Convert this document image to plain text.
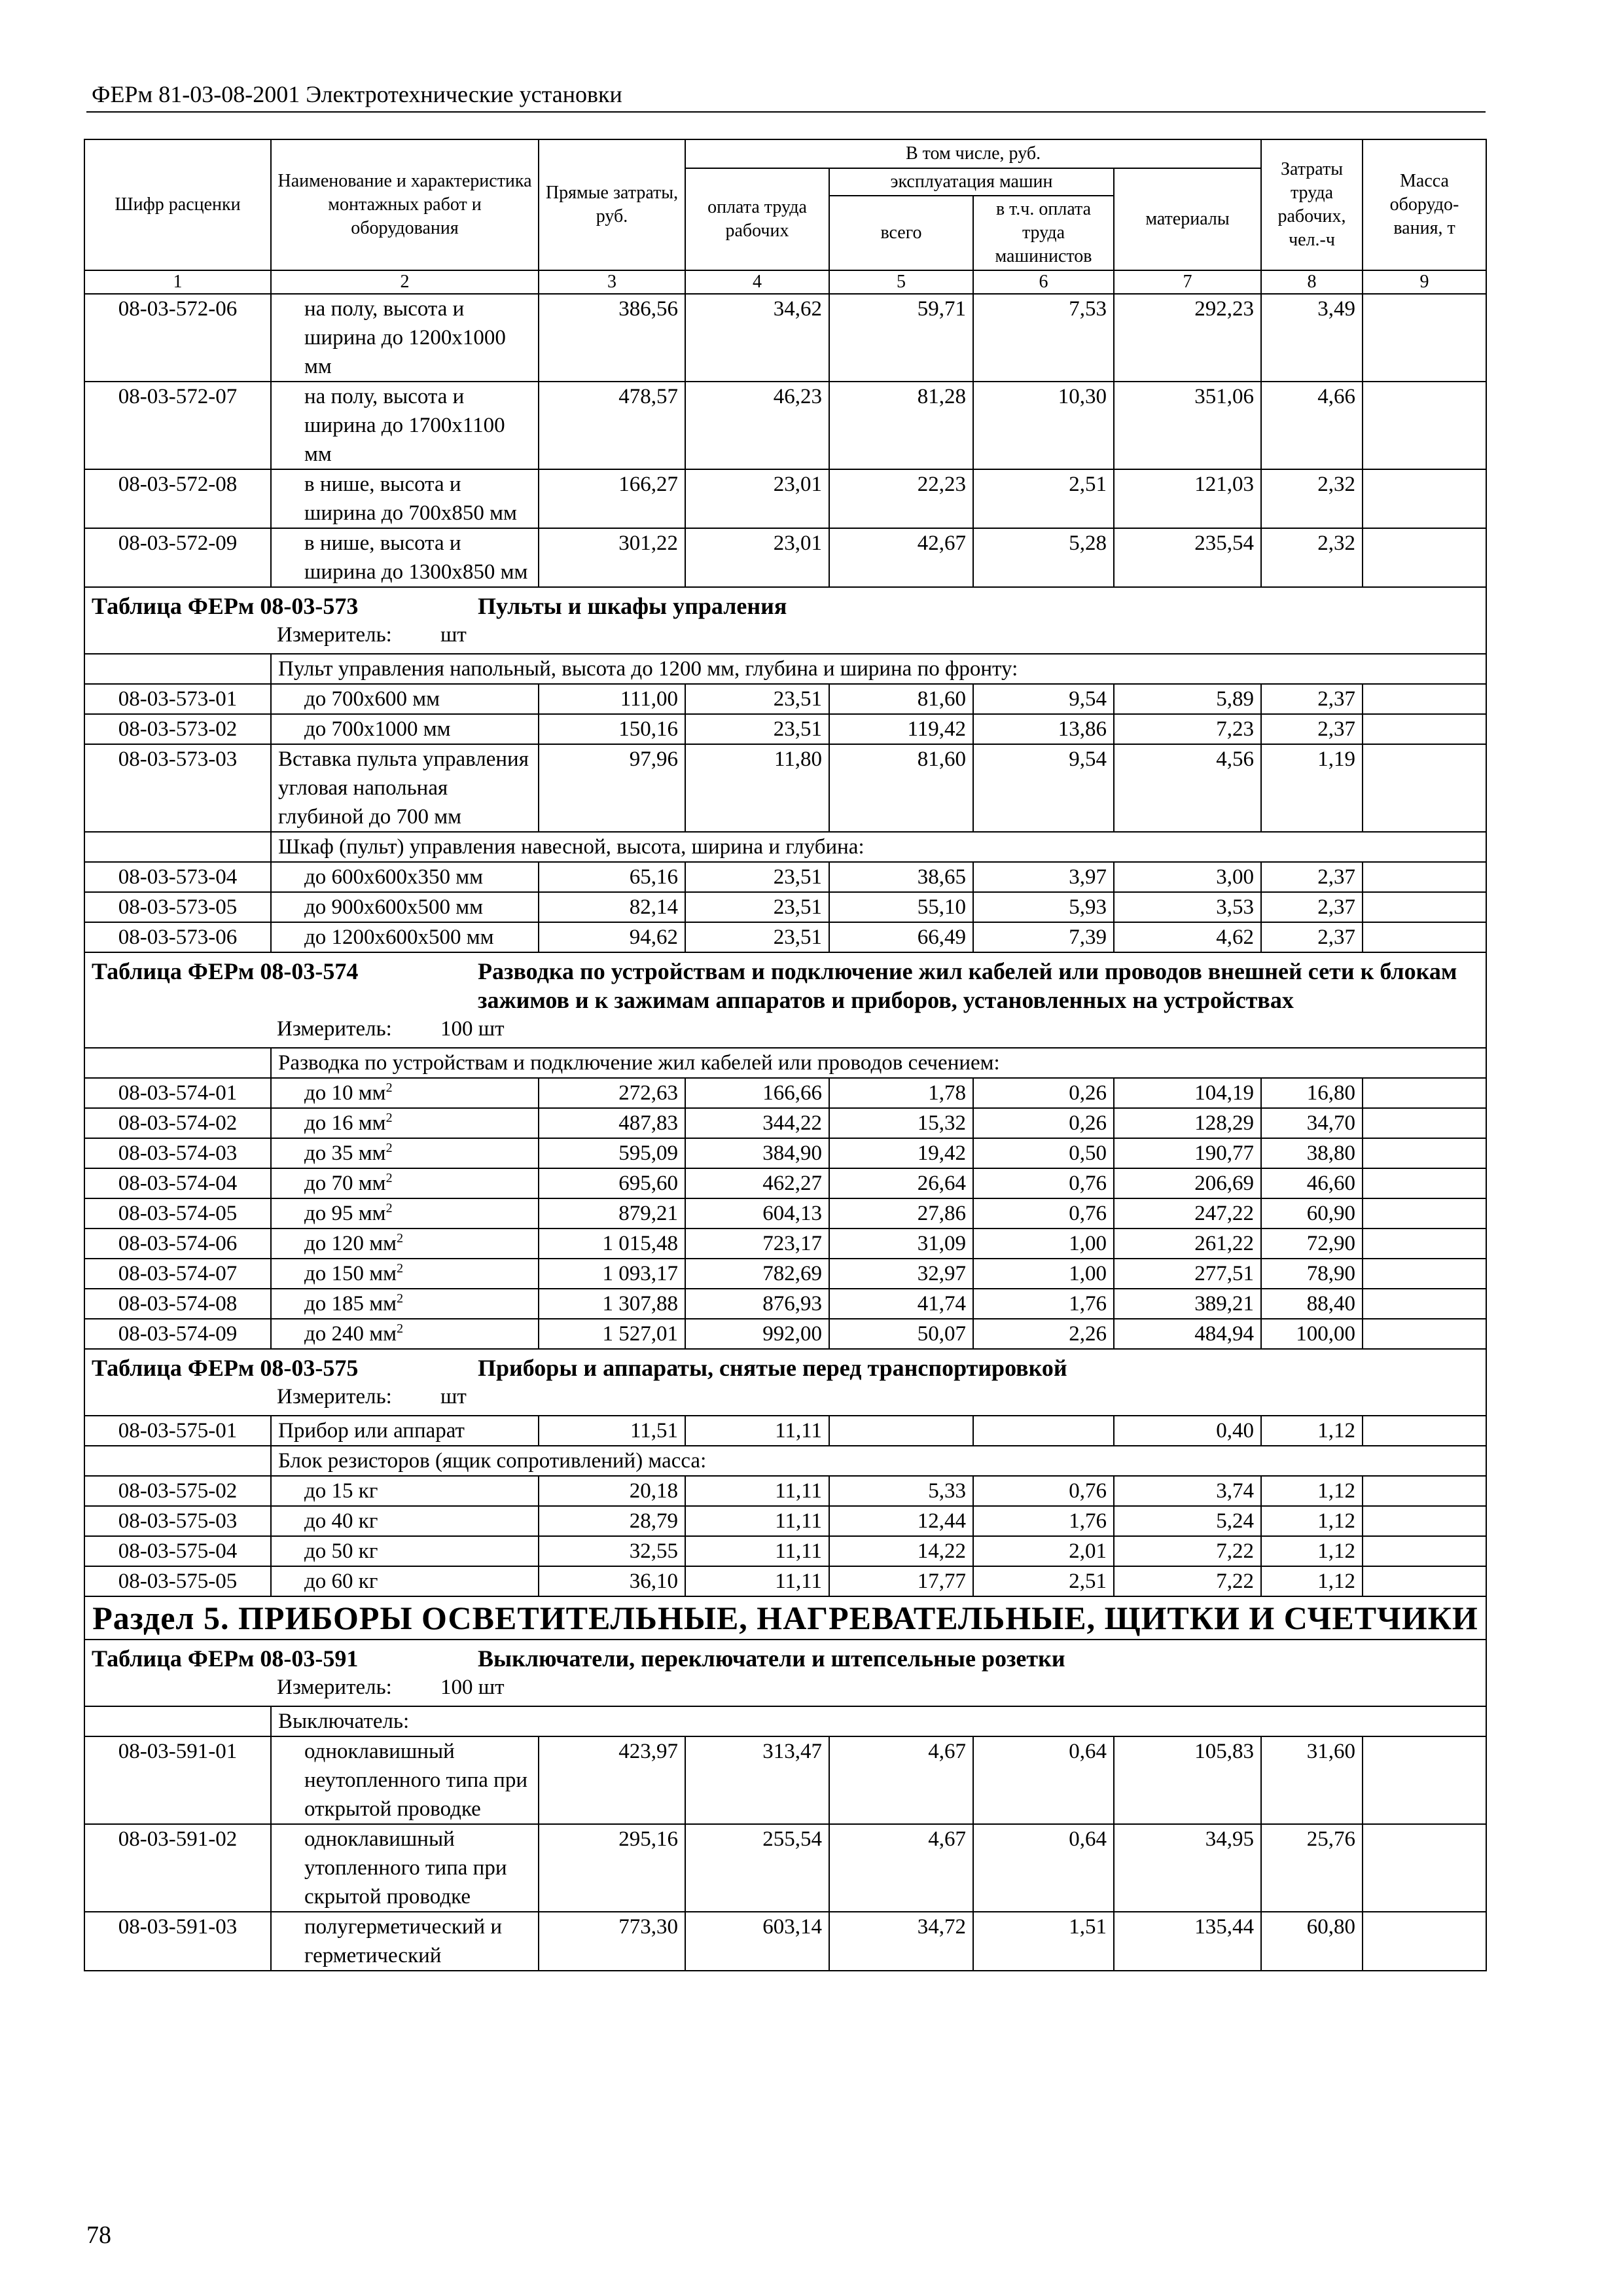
ФЕРм 81-03-08-2001 Электротехнические установки
Шифр расценки	Наименование и характеристика монтажных работ и оборудования	Прямые затраты, руб.	В том числе, руб.				Затраты труда рабочих, чел.-ч	Масса оборудо-вания, т
			оплата труда рабочих	эксплуатация машин		материалы		
				всего	в т.ч. оплата труда машинистов			
1	2	3	4	5	6	7	8	9
08-03-572-06	на полу, высота и ширина до 1200х1000 мм	386,56	34,62	59,71	7,53	292,23	3,49	
08-03-572-07	на полу, высота и ширина до 1700х1100 мм	478,57	46,23	81,28	10,30	351,06	4,66	
08-03-572-08	в нише, высота и ширина до 700х850 мм	166,27	23,01	22,23	2,51	121,03	2,32	
08-03-572-09	в нише, высота и ширина до 1300х850 мм	301,22	23,01	42,67	5,28	235,54	2,32	

Таблица ФЕРм 08-03-573 Пульты и шкафы упраления
Измеритель: шт								

	Пульт управления напольный, высота до 1200 мм, глубина и ширина по фронту:							
08-03-573-01	до 700х600 мм	111,00	23,51	81,60	9,54	5,89	2,37	
08-03-573-02	до 700х1000 мм	150,16	23,51	119,42	13,86	7,23	2,37	
08-03-573-03	Вставка пульта управления угловая напольная глубиной до 700 мм	97,96	11,80	81,60	9,54	4,56	1,19	
	Шкаф (пульт) управления навесной, высота, ширина и глубина:							
08-03-573-04	до 600х600х350 мм	65,16	23,51	38,65	3,97	3,00	2,37	
08-03-573-05	до 900х600х500 мм	82,14	23,51	55,10	5,93	3,53	2,37	
08-03-573-06	до 1200х600х500 мм	94,62	23,51	66,49	7,39	4,62	2,37	

Таблица ФЕРм 08-03-574 Разводка по устройствам и подключение жил кабелей или проводов внешней сети к блокам зажимов и к зажимам аппаратов и приборов, установленных на устройствах
Измеритель: 100 шт								

	Разводка по устройствам и подключение жил кабелей или проводов сечением:							
08-03-574-01	до 10 $мм^2$	272,63	166,66	1,78	0,26	104,19	16,80	
08-03-574-02	до 16 $мм^2$	487,83	344,22	15,32	0,26	128,29	34,70	
08-03-574-03	до 35 $мм^2$	595,09	384,90	19,42	0,50	190,77	38,80	
08-03-574-04	до 70 $мм^2$	695,60	462,27	26,64	0,76	206,69	46,60	
08-03-574-05	до 95 $мм^2$	879,21	604,13	27,86	0,76	247,22	60,90	
08-03-574-06	до 120 $мм^2$	1 015,48	723,17	31,09	1,00	261,22	72,90	
08-03-574-07	до 150 $мм^2$	1 093,17	782,69	32,97	1,00	277,51	78,90	
08-03-574-08	до 185 $мм^2$	1 307,88	876,93	41,74	1,76	389,21	88,40	
08-03-574-09	до 240 $мм^2$	1 527,01	992,00	50,07	2,26	484,94	100,00	

Таблица ФЕРм 08-03-575 Приборы и аппараты, снятые перед транспортировкой
Измеритель: шт								

08-03-575-01	Прибор или аппарат	11,51	11,11			0,40	1,12	
	Блок резисторов (ящик сопротивлений) масса:							
08-03-575-02	до 15 кг	20,18	11,11	5,33	0,76	3,74	1,12	
08-03-575-03	до 40 кг	28,79	11,11	12,44	1,76	5,24	1,12	
08-03-575-04	до 50 кг	32,55	11,11	14,22	2,01	7,22	1,12	
08-03-575-05	до 60 кг	36,10	11,11	17,77	2,51	7,22	1,12	
Раздел 5. ПРИБОРЫ ОСВЕТИТЕЛЬНЫЕ, НАГРЕВАТЕЛЬНЫЕ, ЩИТКИ И СЧЕТЧИКИ								

Таблица ФЕРм 08-03-591 Выключатели, переключатели и штепсельные розетки
Измеритель: 100 шт								

	Выключатель:							
08-03-591-01	одноклавишный неутопленного типа при открытой проводке	423,97	313,47	4,67	0,64	105,83	31,60	
08-03-591-02	одноклавишный утопленного типа при скрытой проводке	295,16	255,54	4,67	0,64	34,95	25,76	
08-03-591-03	полугерметический и герметический	773,30	603,14	34,72	1,51	135,44	60,80	
78
